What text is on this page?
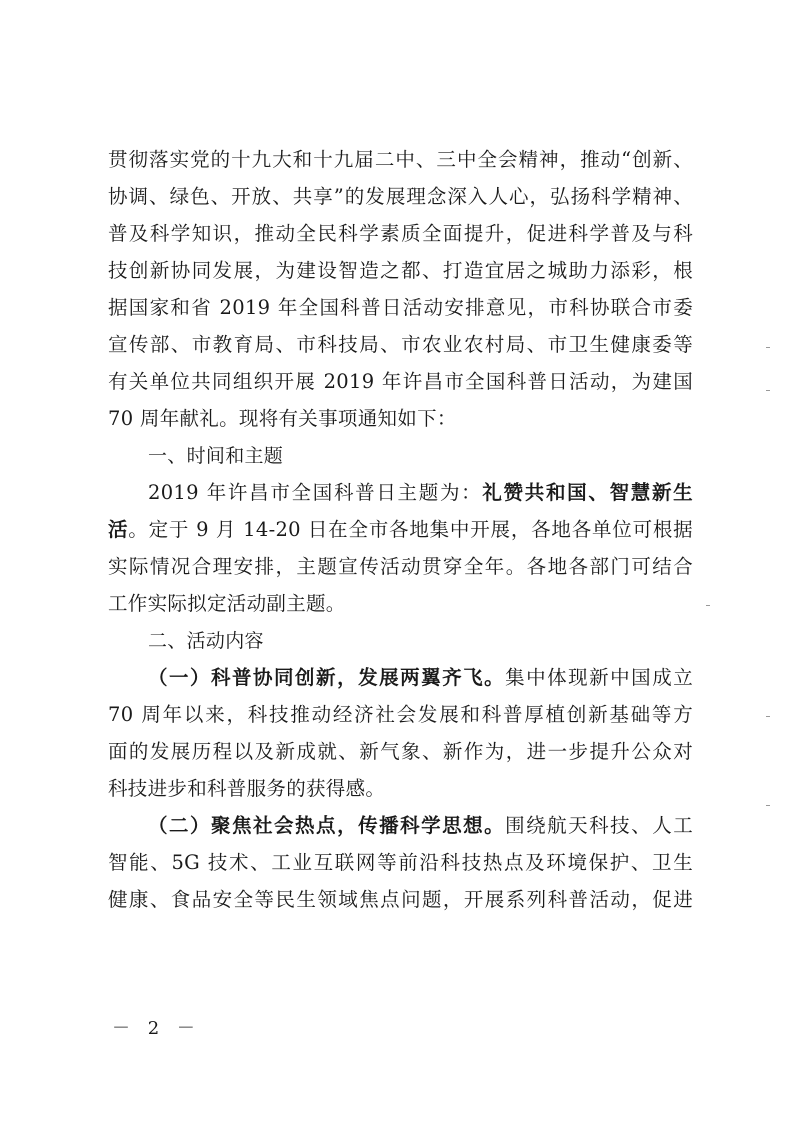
贯彻落实党的十九大和十九届二中、三中全会精神，推动“创新、
协调、绿色、开放、共享”的发展理念深入人心，弘扬科学精神、
普及科学知识，推动全民科学素质全面提升，促进科学普及与科
技创新协同发展，为建设智造之都、打造宜居之城助力添彩，根
据国家和省 2019 年全国科普日活动安排意见，市科协联合市委
宣传部、市教育局、市科技局、市农业农村局、市卫生健康委等
有关单位共同组织开展 2019 年许昌市全国科普日活动，为建国
70 周年献礼。现将有关事项通知如下：
一、时间和主题
2019 年许昌市全国科普日主题为：礼赞共和国、智慧新生
活。定于 9 月 14-20 日在全市各地集中开展，各地各单位可根据
实际情况合理安排，主题宣传活动贯穿全年。各地各部门可结合
工作实际拟定活动副主题。
二、活动内容
（一）科普协同创新，发展两翼齐飞。集中体现新中国成立
70 周年以来，科技推动经济社会发展和科普厚植创新基础等方
面的发展历程以及新成就、新气象、新作为，进一步提升公众对
科技进步和科普服务的获得感。
（二）聚焦社会热点，传播科学思想。围绕航天科技、人工
智能、5G 技术、工业互联网等前沿科技热点及环境保护、卫生
健康、食品安全等民生领域焦点问题，开展系列科普活动，促进
－ 2 －
